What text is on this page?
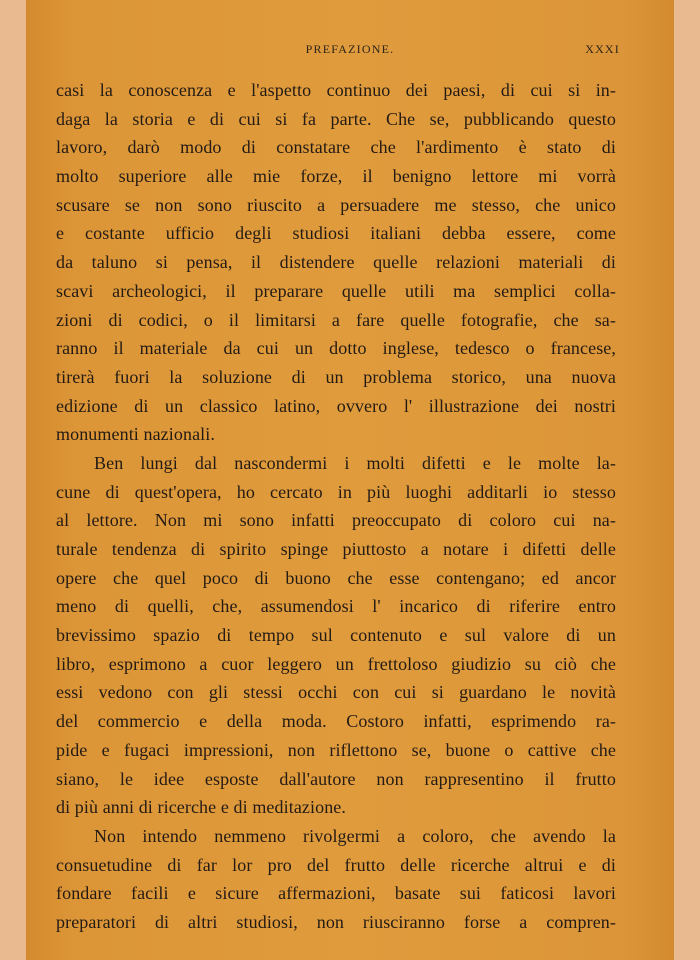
PREFAZIONE.	XXXI
casi la conoscenza e l'aspetto continuo dei paesi, di cui si in-
daga la storia e di cui si fa parte. Che se, pubblicando questo
lavoro, darò modo di constatare che l'ardimento è stato di
molto superiore alle mie forze, il benigno lettore mi vorrà
scusare se non sono riuscito a persuadere me stesso, che unico
e costante ufficio degli studiosi italiani debba essere, come
da taluno si pensa, il distendere quelle relazioni materiali di
scavi archeologici, il preparare quelle utili ma semplici colla-
zioni di codici, o il limitarsi a fare quelle fotografie, che sa-
ranno il materiale da cui un dotto inglese, tedesco o francese,
tirerà fuori la soluzione di un problema storico, una nuova
edizione di un classico latino, ovvero l' illustrazione dei nostri
monumenti nazionali.
Ben lungi dal nascondermi i molti difetti e le molte la-
cune di quest'opera, ho cercato in più luoghi additarli io stesso
al lettore. Non mi sono infatti preoccupato di coloro cui na-
turale tendenza di spirito spinge piuttosto a notare i difetti delle
opere che quel poco di buono che esse contengano; ed ancor
meno di quelli, che, assumendosi l' incarico di riferire entro
brevissimo spazio di tempo sul contenuto e sul valore di un
libro, esprimono a cuor leggero un frettoloso giudizio su ciò che
essi vedono con gli stessi occhi con cui si guardano le novità
del commercio e della moda. Costoro infatti, esprimendo ra-
pide e fugaci impressioni, non riflettono se, buone o cattive che
siano, le idee esposte dall'autore non rappresentino il frutto
di più anni di ricerche e di meditazione.
Non intendo nemmeno rivolgermi a coloro, che avendo la
consuetudine di far lor pro del frutto delle ricerche altrui e di
fondare facili e sicure affermazioni, basate sui faticosi lavori
preparatori di altri studiosi, non riusciranno forse a compren-
